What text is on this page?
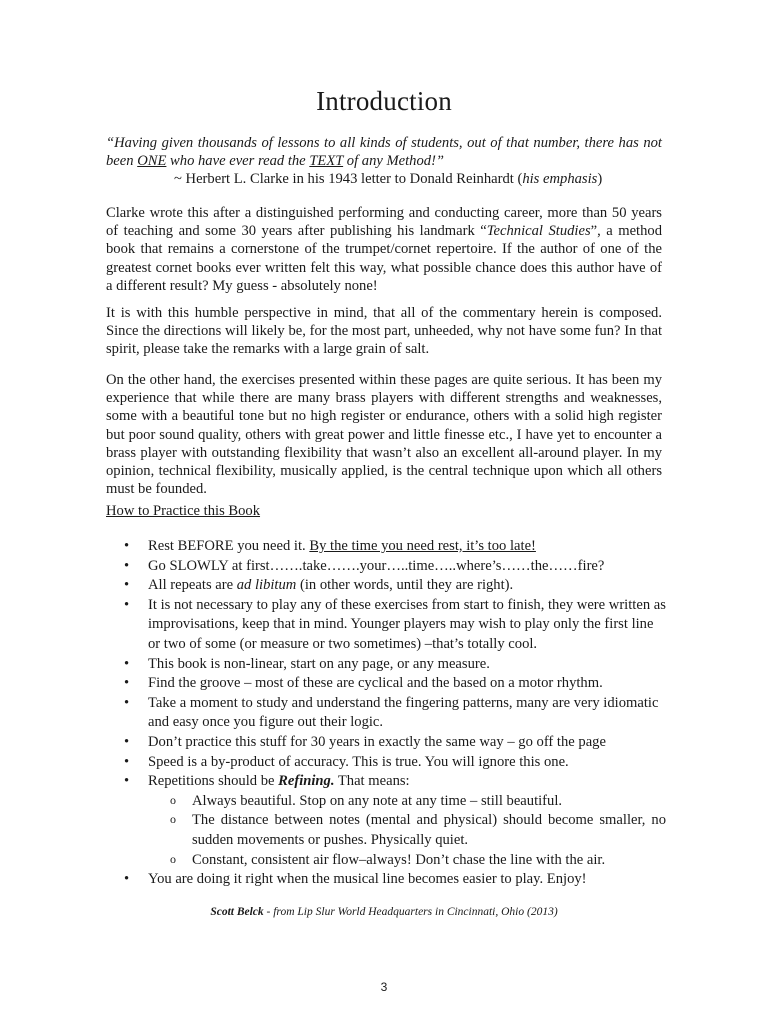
Introduction
“Having given thousands of lessons to all kinds of students, out of that number, there has not been ONE who have ever read the TEXT of any Method!”
~ Herbert L. Clarke in his 1943 letter to Donald Reinhardt (his emphasis)

Clarke wrote this after a distinguished performing and conducting career, more than 50 years of teaching and some 30 years after publishing his landmark “Technical Studies”, a method book that remains a cornerstone of the trumpet/cornet repertoire. If the author of one of the greatest cornet books ever written felt this way, what possible chance does this author have of a different result? My guess - absolutely none!

It is with this humble perspective in mind, that all of the commentary herein is composed. Since the directions will likely be, for the most part, unheeded, why not have some fun? In that spirit, please take the remarks with a large grain of salt.

On the other hand, the exercises presented within these pages are quite serious. It has been my experience that while there are many brass players with different strengths and weaknesses, some with a beautiful tone but no high register or endurance, others with a solid high register but poor sound quality, others with great power and little finesse etc., I have yet to encounter a brass player with outstanding flexibility that wasn’t also an excellent all-around player. In my opinion, technical flexibility, musically applied, is the central technique upon which all others must be founded.

How to Practice this Book
• Rest BEFORE you need it. By the time you need rest, it’s too late!
• Go SLOWLY at first…….take…….your…..time…..where’s……the……fire?
• All repeats are ad libitum (in other words, until they are right).
• It is not necessary to play any of these exercises from start to finish, they were written as improvisations, keep that in mind. Younger players may wish to play only the first line or two of some (or measure or two sometimes) –that’s totally cool.
• This book is non-linear, start on any page, or any measure.
• Find the groove – most of these are cyclical and the based on a motor rhythm.
• Take a moment to study and understand the fingering patterns, many are very idiomatic and easy once you figure out their logic.
• Don’t practice this stuff for 30 years in exactly the same way – go off the page
• Speed is a by-product of accuracy. This is true. You will ignore this one.
• Repetitions should be Refining. That means:
o Always beautiful. Stop on any note at any time – still beautiful.
o The distance between notes (mental and physical) should become smaller, no sudden movements or pushes. Physically quiet.
o Constant, consistent air flow–always! Don’t chase the line with the air.
• You are doing it right when the musical line becomes easier to play. Enjoy!
Scott Belck - from Lip Slur World Headquarters in Cincinnati, Ohio (2013)
3
